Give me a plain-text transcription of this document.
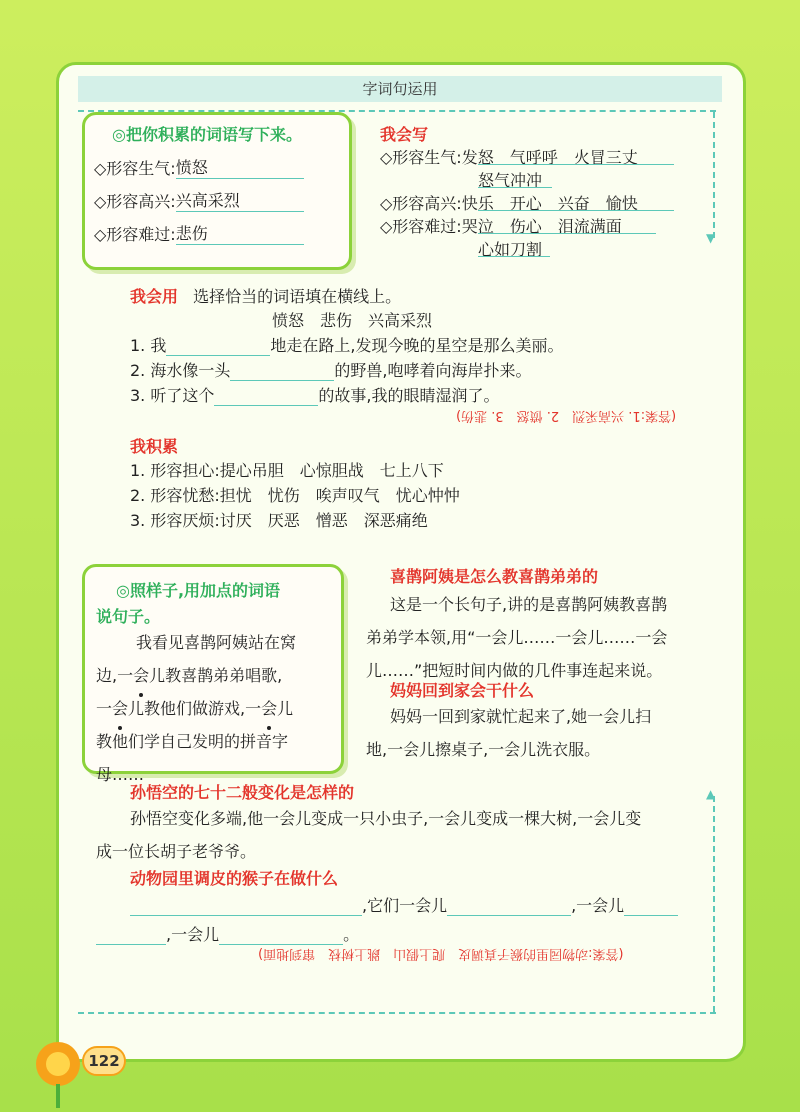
字词句运用
▼
◎把你积累的词语写下来。
◇形容生气:愤怒
◇形容高兴:兴高采烈
◇形容难过:悲伤
我会写
◇形容生气:发怒　气呼呼　火冒三丈
怒气冲冲
◇形容高兴:快乐　开心　兴奋　愉快
◇形容难过:哭泣　伤心　泪流满面
心如刀割
我会用 选择恰当的词语填在横线上。
愤怒　悲伤　兴高采烈
1. 我	地走在路上,发现今晚的星空是那么美丽。
2. 海水像一头	的野兽,咆哮着向海岸扑来。
3. 听了这个	的故事,我的眼睛湿润了。
(答案:1. 兴高采烈　2. 愤怒　3. 悲伤)
我积累
1. 形容担心:提心吊胆　心惊胆战　七上八下
2. 形容忧愁:担忧　忧伤　唉声叹气　忧心忡忡
3. 形容厌烦:讨厌　厌恶　憎恶　深恶痛绝
◎照样子,用加点的词语
说句子。
我看见喜鹊阿姨站在窝
边,一会儿教喜鹊弟弟唱歌,
一会儿教他们做游戏,一会儿
教他们学自己发明的拼音字
母……
喜鹊阿姨是怎么教喜鹊弟弟的
这是一个长句子,讲的是喜鹊阿姨教喜鹊
弟弟学本领,用“一会儿……一会儿……一会
儿……”把短时间内做的几件事连起来说。
妈妈回到家会干什么
妈妈一回到家就忙起来了,她一会儿扫
地,一会儿擦桌子,一会儿洗衣服。
孙悟空的七十二般变化是怎样的
孙悟空变化多端,他一会儿变成一只小虫子,一会儿变成一棵大树,一会儿变
成一位长胡子老爷爷。
▲
动物园里调皮的猴子在做什么
,它们一会儿	,一会儿
,一会儿	。
(答案:动物园里的猴子真调皮　爬上假山　跳上树枝　窜到地面)
122
